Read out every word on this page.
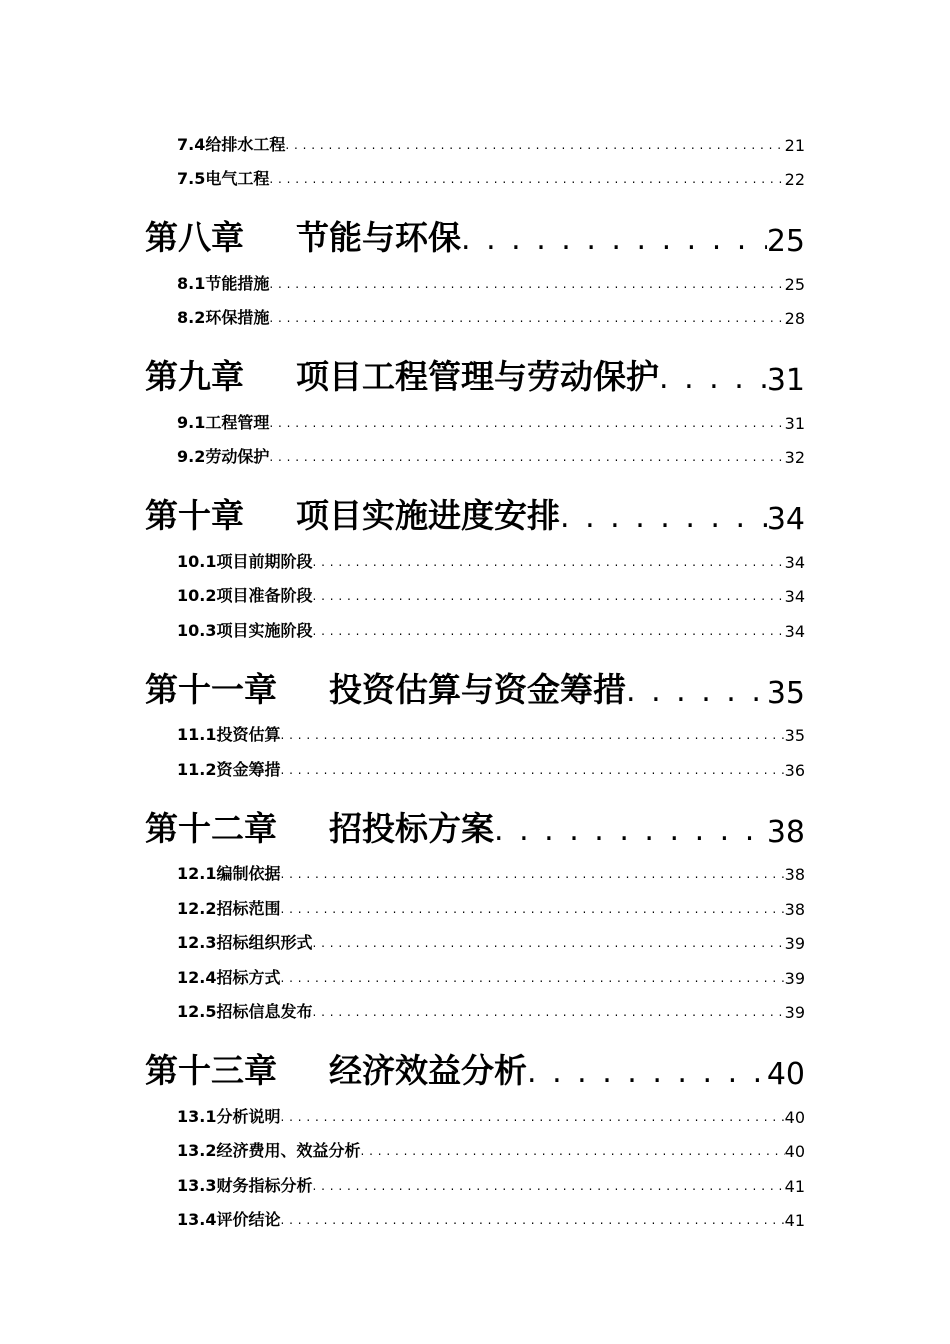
7.4给排水工程 . . .	21
7.5电气工程 . . .	22
第八章 节能与环保 . . .	25
8.1节能措施 . . .	25
8.2环保措施 . . .	28
第九章 项目工程管理与劳动保护 . . .	31
9.1工程管理 . . .	31
9.2劳动保护 . . .	32
第十章 项目实施进度安排 . . .	34
10.1项目前期阶段 . . .	34
10.2项目准备阶段 . . .	34
10.3项目实施阶段 . . .	34
第十一章 投资估算与资金筹措 . . .	35
11.1投资估算 . . .	35
11.2资金筹措 . . .	36
第十二章 招投标方案 . . .	38
12.1编制依据 . . .	38
12.2招标范围 . . .	38
12.3招标组织形式 . . .	39
12.4招标方式 . . .	39
12.5招标信息发布 . . .	39
第十三章 经济效益分析 . . .	40
13.1分析说明 . . .	40
13.2经济费用、效益分析 . . .	40
13.3财务指标分析 . . .	41
13.4评价结论 . . .	41
